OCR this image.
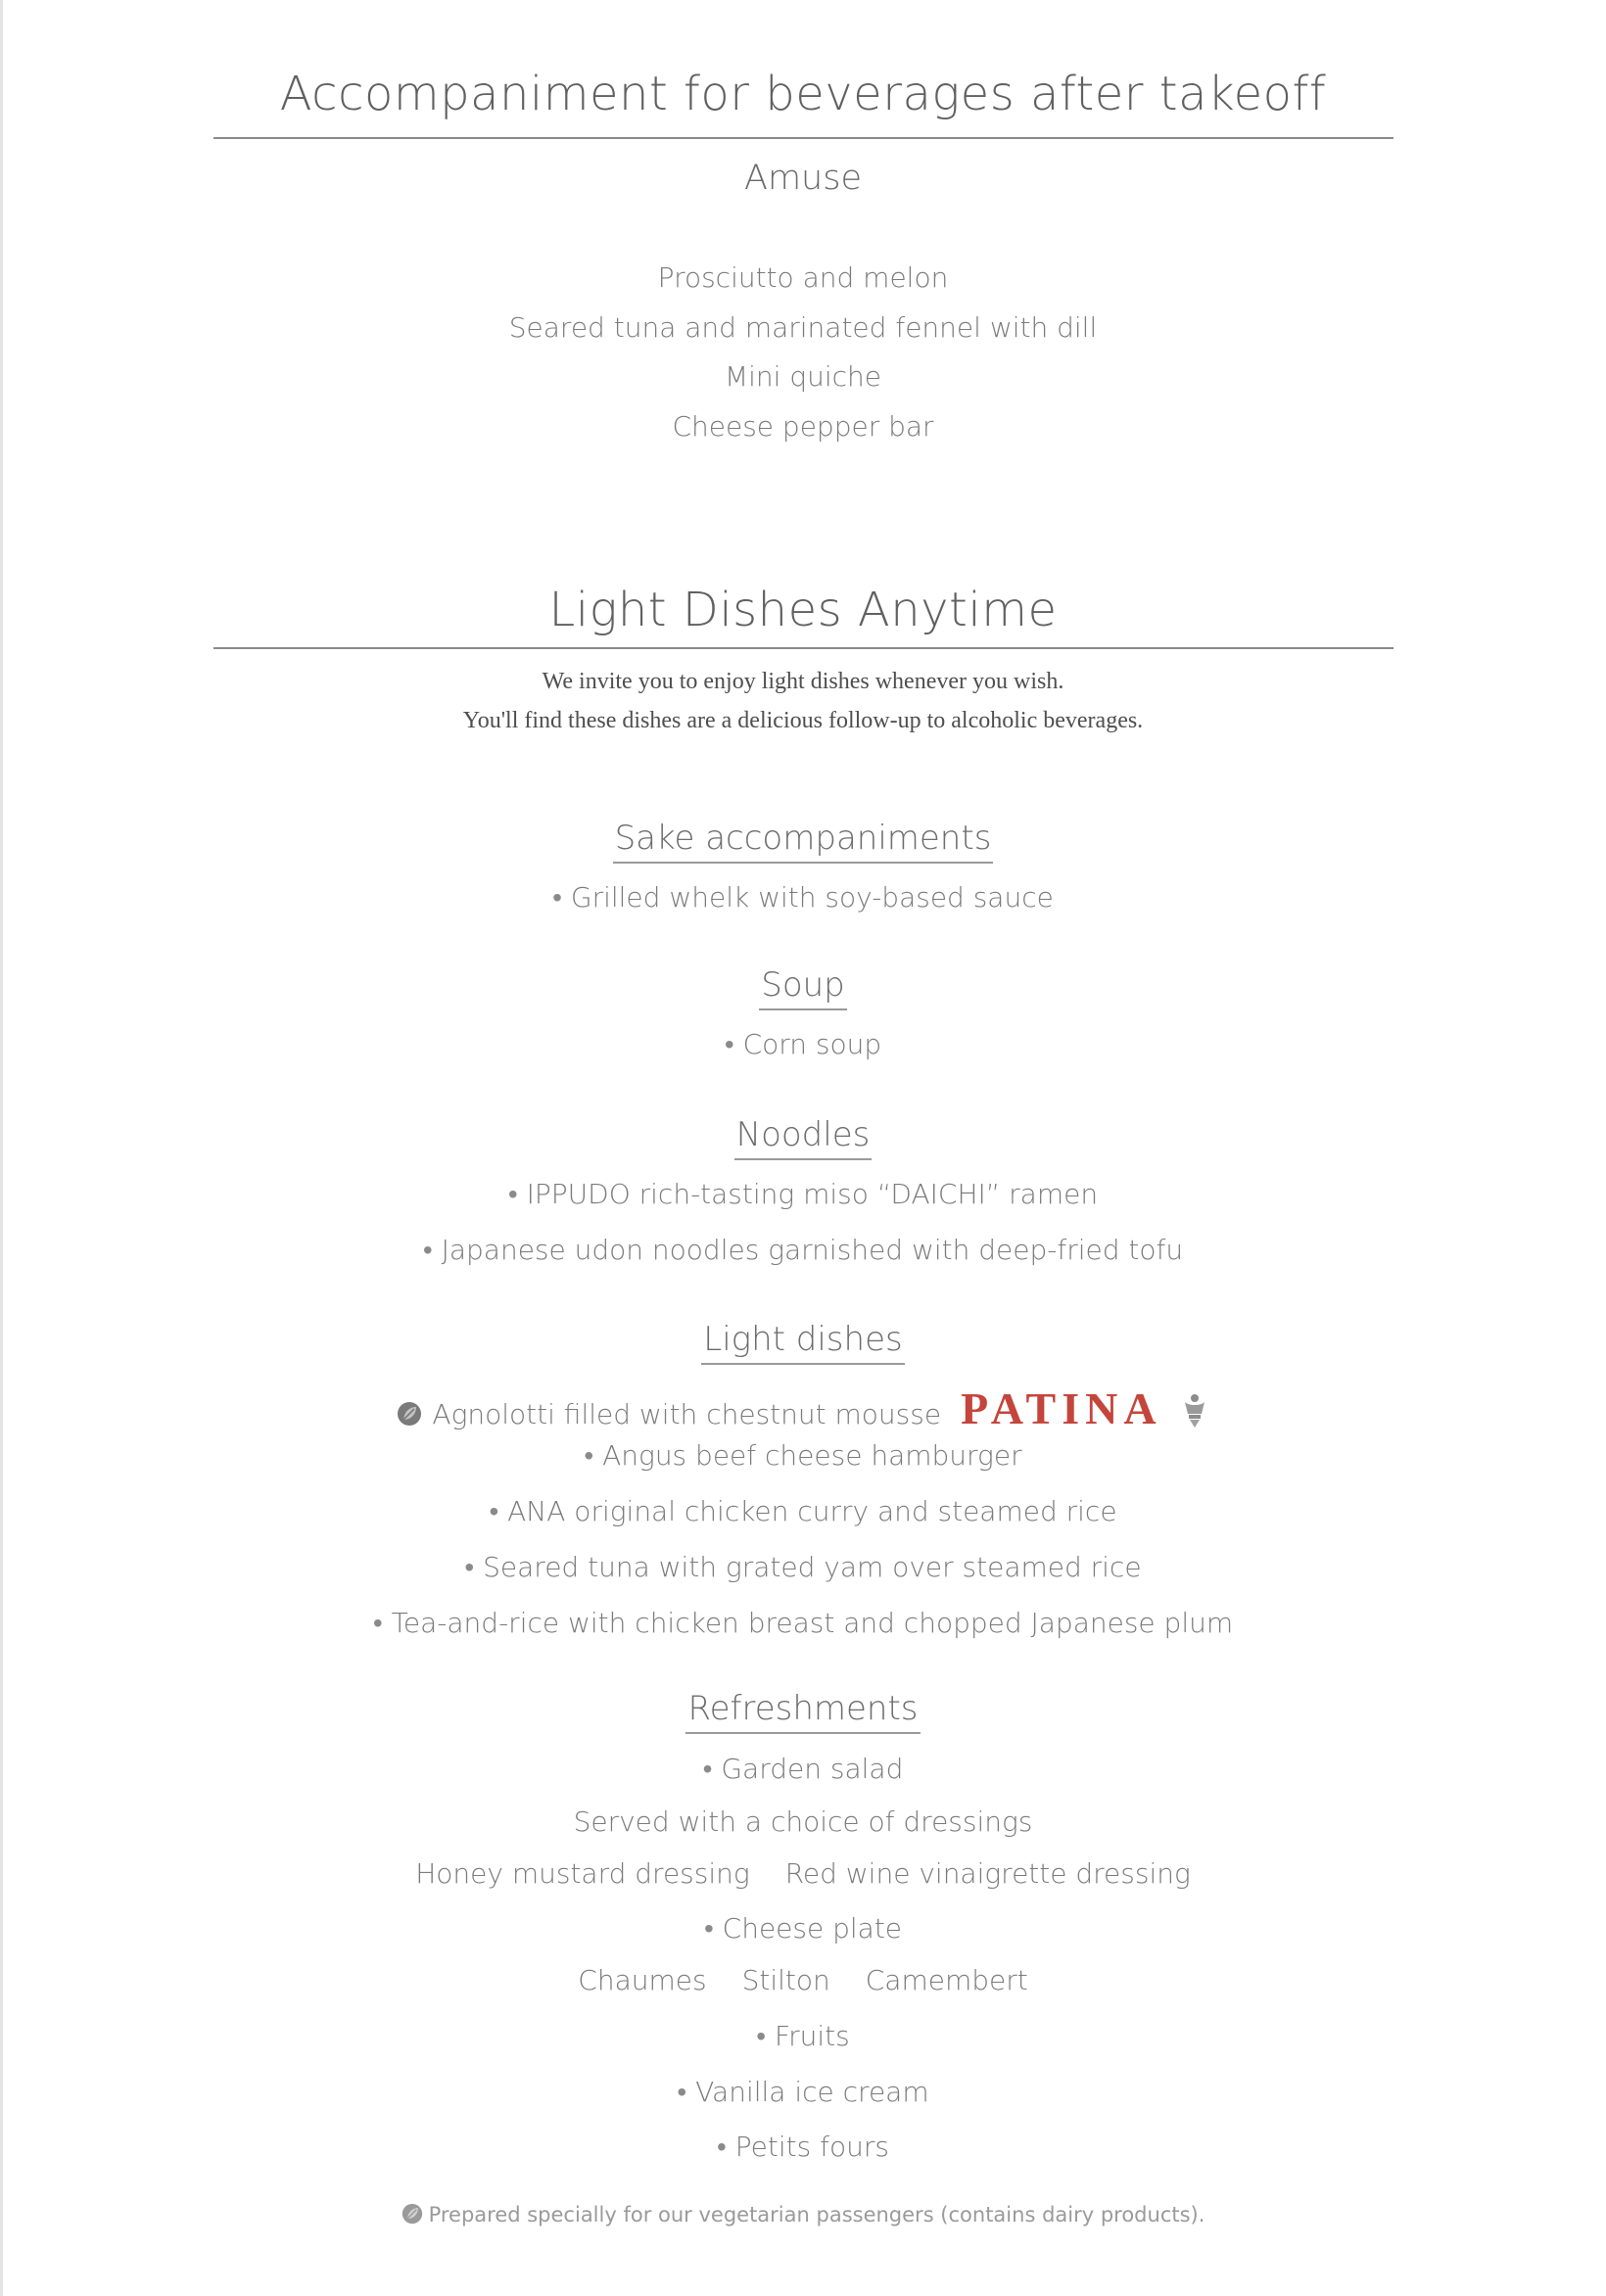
Accompaniment for beverages after takeoff
Amuse
Prosciutto and melon
Seared tuna and marinated fennel with dill
Mini quiche
Cheese pepper bar
Light Dishes Anytime
We invite you to enjoy light dishes whenever you wish.
You'll find these dishes are a delicious follow-up to alcoholic beverages.
Sake accompaniments
• Grilled whelk with soy-based sauce
Soup
• Corn soup
Noodles
• IPPUDO rich-tasting miso “DAICHI” ramen
• Japanese udon noodles garnished with deep-fried tofu
Light dishes
Agnolotti filled with chestnut mousse PATINA
• Angus beef cheese hamburger
• ANA original chicken curry and steamed rice
• Seared tuna with grated yam over steamed rice
• Tea-and-rice with chicken breast and chopped Japanese plum
Refreshments
• Garden salad
Served with a choice of dressings
Honey mustard dressing Red wine vinaigrette dressing
• Cheese plate
Chaumes Stilton Camembert
• Fruits
• Vanilla ice cream
• Petits fours
Prepared specially for our vegetarian passengers (contains dairy products).
